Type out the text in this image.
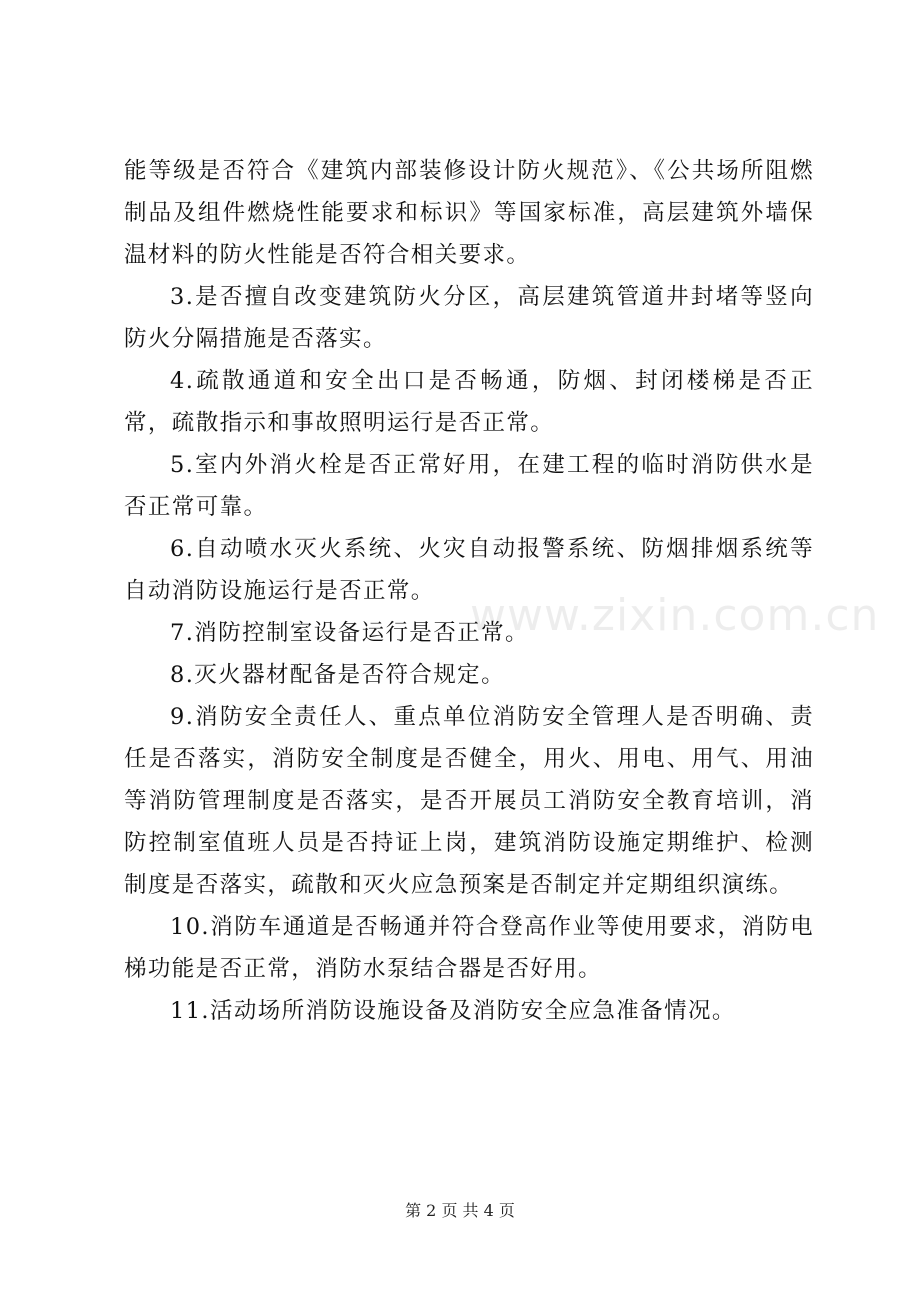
能等级是否符合《建筑内部装修设计防火规范》、《公共场所阻燃制品及组件燃烧性能要求和标识》等国家标准，高层建筑外墙保温材料的防火性能是否符合相关要求。

3.是否擅自改变建筑防火分区，高层建筑管道井封堵等竖向防火分隔措施是否落实。

4.疏散通道和安全出口是否畅通，防烟、封闭楼梯是否正常，疏散指示和事故照明运行是否正常。

5.室内外消火栓是否正常好用，在建工程的临时消防供水是否正常可靠。

6.自动喷水灭火系统、火灾自动报警系统、防烟排烟系统等自动消防设施运行是否正常。

7.消防控制室设备运行是否正常。

8.灭火器材配备是否符合规定。

9.消防安全责任人、重点单位消防安全管理人是否明确、责任是否落实，消防安全制度是否健全，用火、用电、用气、用油等消防管理制度是否落实，是否开展员工消防安全教育培训，消防控制室值班人员是否持证上岗，建筑消防设施定期维护、检测制度是否落实，疏散和灭火应急预案是否制定并定期组织演练。

10.消防车通道是否畅通并符合登高作业等使用要求，消防电梯功能是否正常，消防水泵结合器是否好用。

11.活动场所消防设施设备及消防安全应急准备情况。

www.zixin.com.cn
第 2 页 共 4 页
